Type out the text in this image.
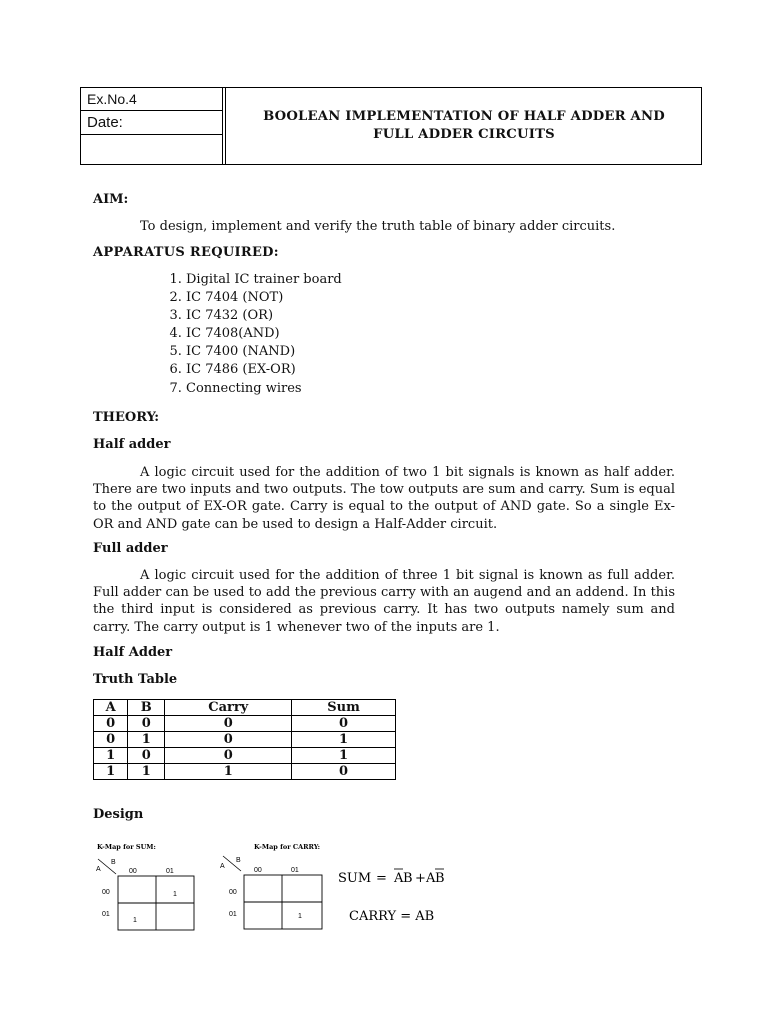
Ex.No.4
Date:	BOOLEAN IMPLEMENTATION OF HALF ADDER AND
FULL ADDER CIRCUITS
AIM:
To design, implement and verify the truth table of binary adder circuits.
APPARATUS REQUIRED:
1. Digital IC trainer board
2. IC 7404 (NOT)
3. IC 7432 (OR)
4. IC 7408(AND)
5. IC 7400 (NAND)
6. IC 7486 (EX-OR)
7. Connecting wires
THEORY:
Half adder
A logic circuit used for the addition of two 1 bit signals is known as half adder. There are two inputs and two outputs. The tow outputs are sum and carry. Sum is equal to the output of EX-OR gate. Carry is equal to the output of AND gate. So a single Ex-OR and AND gate can be used to design a Half-Adder circuit.
Full adder
A logic circuit used for the addition of three 1 bit signal is known as full adder. Full adder can be used to add the previous carry with an augend and an addend. In this the third input is considered as previous carry. It has two outputs namely sum and carry. The carry output is 1 whenever two of the inputs are 1.
Half Adder
Truth Table
A	B	Carry	Sum
0	0	0	0
0	1	0	1
1	0	0	1
1	1	1	0
Design
K-Map for SUM:
B
A	00	01
00
01
1
1
K-Map for CARRY:
B
A
00	01
00
01	1
SUM = A B + A B
CARRY = AB
